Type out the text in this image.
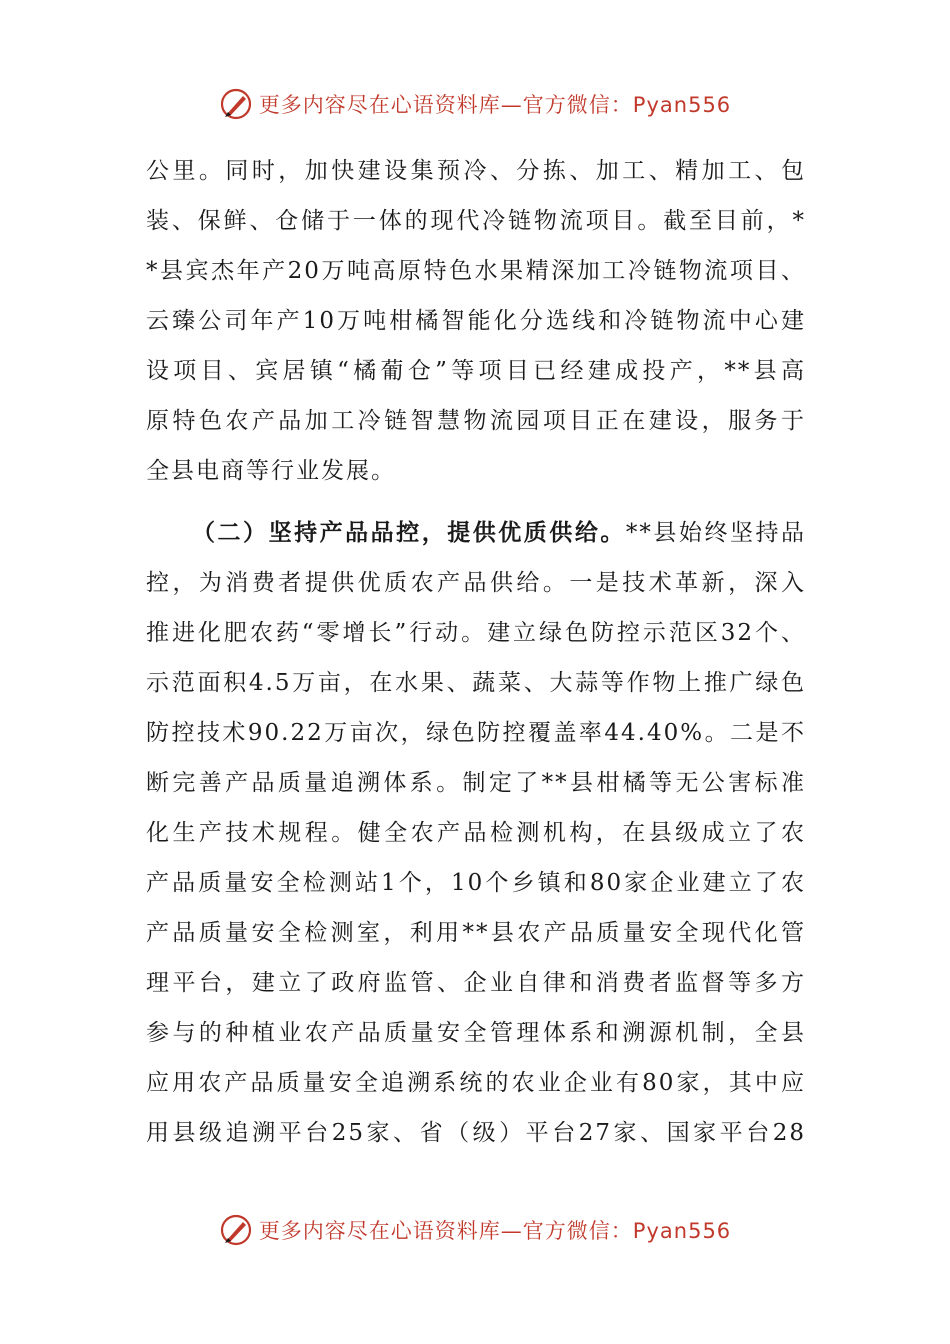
更多内容尽在心语资料库—官方微信：Pyan556
公里。同时，加快建设集预冷、分拣、加工、精加工、包
装、保鲜、仓储于一体的现代冷链物流项目。截至目前，*
*县宾杰年产20万吨高原特色水果精深加工冷链物流项目、
云臻公司年产10万吨柑橘智能化分选线和冷链物流中心建
设项目、宾居镇“橘葡仓”等项目已经建成投产，**县高
原特色农产品加工冷链智慧物流园项目正在建设，服务于
全县电商等行业发展。
（二）坚持产品品控，提供优质供给。**县始终坚持品
控，为消费者提供优质农产品供给。一是技术革新，深入
推进化肥农药“零增长”行动。建立绿色防控示范区32个、
示范面积4.5万亩，在水果、蔬菜、大蒜等作物上推广绿色
防控技术90.22万亩次，绿色防控覆盖率44.40%。二是不
断完善产品质量追溯体系。制定了**县柑橘等无公害标准
化生产技术规程。健全农产品检测机构，在县级成立了农
产品质量安全检测站1个，10个乡镇和80家企业建立了农
产品质量安全检测室，利用**县农产品质量安全现代化管
理平台，建立了政府监管、企业自律和消费者监督等多方
参与的种植业农产品质量安全管理体系和溯源机制，全县
应用农产品质量安全追溯系统的农业企业有80家，其中应
用县级追溯平台25家、省（级）平台27家、国家平台28
更多内容尽在心语资料库—官方微信：Pyan556
